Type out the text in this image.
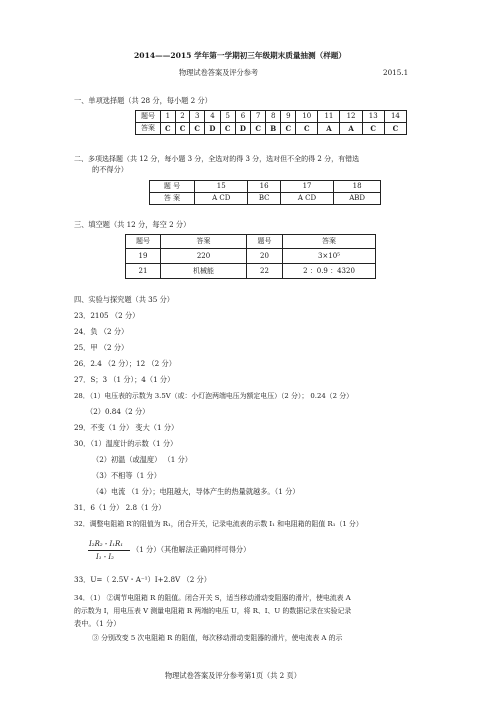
2014——2015 学年第一学期初三年级期末质量抽测（样题）
物理试卷答案及评分参考	2015.1
一、单项选择题（共 28 分，每小题 2 分）
题号	1	2	3	4	5	6	7	8	9	10	11	12	13	14
答案	C	C	C	D	C	D	C	B	C	C	A	A	C	C
二、多项选择题（共 12 分，每小题 3 分，全选对的得 3 分，选对但不全的得 2 分，有错选
的不得分）
题 号	15	16	17	18
答 案	A CD	BC	A CD	ABD
三、填空题（共 12 分，每空 2 分）
题号	答案	题号	答案
19	220	20	3×10⁵
21	机械能	22	2 ：0.9 ：4320
四、实验与探究题（共 35 分）
23．2105 （2 分）
24．负 （2 分）
25．甲 （2 分）
26．2.4 （2 分）；12 （2 分）
27．S；3 （1 分）；4（1 分）
28．（1）电压表的示数为 3.5V（或：小灯泡两端电压为额定电压）（2 分）； 0.24（2 分）
（2）0.84（2 分）
29．不变（1 分） 变大（1 分）
30．（1）温度计的示数（1 分）
（2）初温（或温度） （1 分）
（3）不相等（1 分）
（4）电流 （1 分）；电阻越大，导体产生的热量就越多。（1 分）
31．6（1 分） 2.8（1 分）
32．调整电阻箱 R′的阻值为 R₁，闭合开关，记录电流表的示数 I₁ 和电阻箱的阻值 R₁（1 分）
I₂R₂ - I₁R₁
I₁ - I₂
（1 分）（其他解法正确同样可得分）
33．U=（ 2.5V・A⁻¹）I+2.8V （2 分）
34．（1） ②调节电阻箱 R 的阻值。闭合开关 S，适当移动滑动变阻器的滑片，使电流表 A
的示数为 I，用电压表 V 测量电阻箱 R 两端的电压 U，将 R、I、U 的数据记录在实验记录
表中。（1 分）
③ 分别改变 5 次电阻箱 R 的阻值，每次移动滑动变阻器的滑片，使电流表 A 的示
物理试卷答案及评分参考第1页（共 2 页）
